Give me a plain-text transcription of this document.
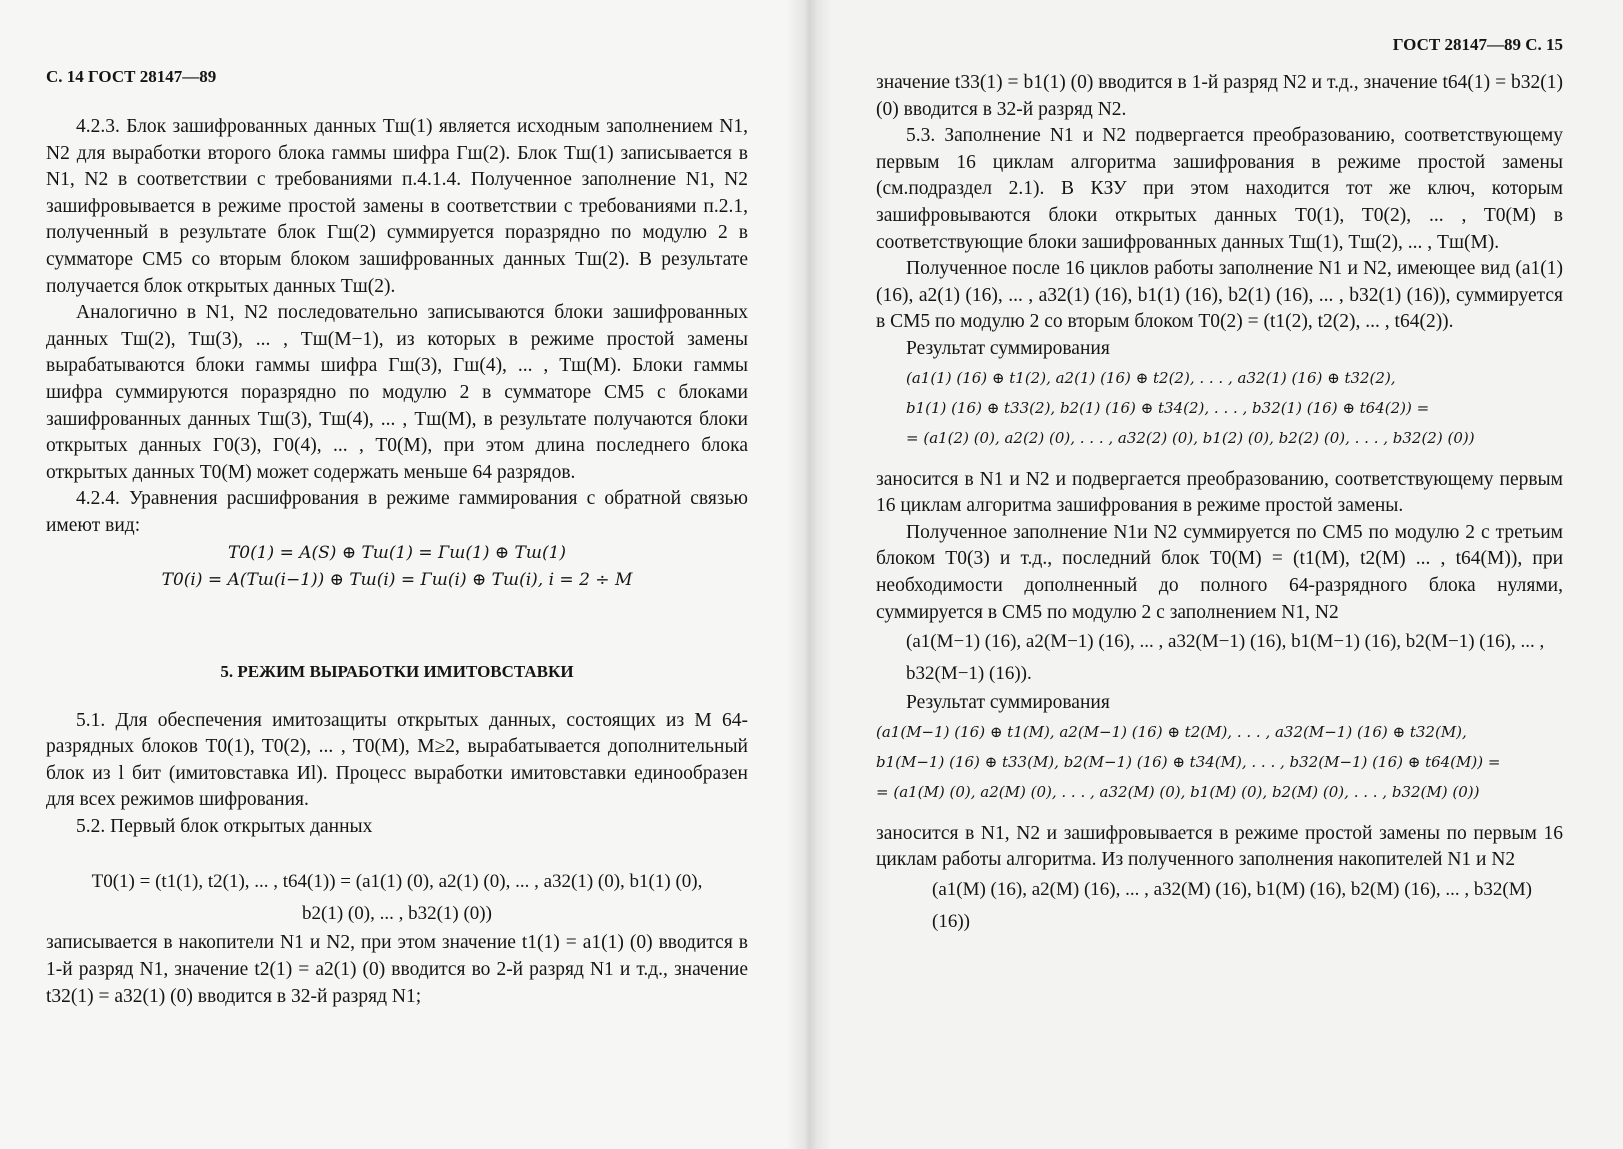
С. 14 ГОСТ 28147—89

4.2.3. Блок зашифрованных данных Tш(1) является исходным заполнением N1, N2 для выработки второго блока гаммы шифра Гш(2). Блок Tш(1) записывается в N1, N2 в соответствии с требованиями п.4.1.4. Полученное заполнение N1, N2 зашифровывается в режиме простой замены в соответствии с требованиями п.2.1, полученный в результате блок Гш(2) суммируется поразрядно по модулю 2 в сумматоре CM5 со вторым блоком зашифрованных данных Tш(2). В результате получается блок открытых данных Tш(2).

Аналогично в N1, N2 последовательно записываются блоки зашифрованных данных Tш(2), Tш(3), ... , Tш(М−1), из которых в режиме простой замены вырабатываются блоки гаммы шифра Гш(3), Гш(4), ... , Tш(М). Блоки гаммы шифра суммируются поразрядно по модулю 2 в сумматоре CM5 с блоками зашифрованных данных Tш(3), Tш(4), ... , Tш(М), в результате получаются блоки открытых данных Г0(3), Г0(4), ... , T0(М), при этом длина последнего блока открытых данных T0(М) может содержать меньше 64 разрядов.

4.2.4. Уравнения расшифрования в режиме гаммирования с обратной связью имеют вид:

T0(1) = A(S) ⊕ Tш(1) = Гш(1) ⊕ Tш(1)
T0(i) = A(Tш(i−1)) ⊕ Tш(i) = Гш(i) ⊕ Tш(i), i = 2 ÷ M
5. РЕЖИМ ВЫРАБОТКИ ИМИТОВСТАВКИ

5.1. Для обеспечения имитозащиты открытых данных, состоящих из M 64-разрядных блоков T0(1), T0(2), ... , T0(М), M≥2, вырабатывается дополнительный блок из l бит (имитовставка Иl). Процесс выработки имитовставки единообразен для всех режимов шифрования.

5.2. Первый блок открытых данных

T0(1) = (t1(1), t2(1), ... , t64(1)) = (a1(1) (0), a2(1) (0), ... , a32(1) (0), b1(1) (0),
b2(1) (0), ... , b32(1) (0))

записывается в накопители N1 и N2, при этом значение t1(1) = a1(1) (0) вводится в 1-й разряд N1, значение t2(1) = a2(1) (0) вводится во 2-й разряд N1 и т.д., значение t32(1) = a32(1) (0) вводится в 32-й разряд N1;

ГОСТ 28147—89 С. 15

значение t33(1) = b1(1) (0) вводится в 1-й разряд N2 и т.д., значение t64(1) = b32(1) (0) вводится в 32-й разряд N2.

5.3. Заполнение N1 и N2 подвергается преобразованию, соответствующему первым 16 циклам алгоритма зашифрования в режиме простой замены (см.подраздел 2.1). В КЗУ при этом находится тот же ключ, которым зашифровываются блоки открытых данных T0(1), T0(2), ... , T0(М) в соответствующие блоки зашифрованных данных Tш(1), Tш(2), ... , Tш(М).

Полученное после 16 циклов работы заполнение N1 и N2, имеющее вид (a1(1) (16), a2(1) (16), ... , a32(1) (16), b1(1) (16), b2(1) (16), ... , b32(1) (16)), суммируется в CM5 по модулю 2 со вторым блоком T0(2) = (t1(2), t2(2), ... , t64(2)).

Результат суммирования

(a1(1) (16) ⊕ t1(2), a2(1) (16) ⊕ t2(2), . . . , a32(1) (16) ⊕ t32(2),
b1(1) (16) ⊕ t33(2), b2(1) (16) ⊕ t34(2), . . . , b32(1) (16) ⊕ t64(2)) =
= (a1(2) (0), a2(2) (0), . . . , a32(2) (0), b1(2) (0), b2(2) (0), . . . , b32(2) (0))

заносится в N1 и N2 и подвергается преобразованию, соответствующему первым 16 циклам алгоритма зашифрования в режиме простой замены.

Полученное заполнение N1и N2 суммируется по CM5 по модулю 2 с третьим блоком T0(3) и т.д., последний блок T0(М) = (t1(М), t2(М) ... , t64(М)), при необходимости дополненный до полного 64-разрядного блока нулями, суммируется в CM5 по модулю 2 с заполнением N1, N2

(a1(М−1) (16), a2(М−1) (16), ... , a32(М−1) (16), b1(М−1) (16), b2(М−1) (16), ... , b32(М−1) (16)).

Результат суммирования

(a1(М−1) (16) ⊕ t1(М), a2(М−1) (16) ⊕ t2(М), . . . , a32(М−1) (16) ⊕ t32(М),
b1(М−1) (16) ⊕ t33(М), b2(М−1) (16) ⊕ t34(М), . . . , b32(М−1) (16) ⊕ t64(М)) =
= (a1(М) (0), a2(М) (0), . . . , a32(М) (0), b1(М) (0), b2(М) (0), . . . , b32(М) (0))

заносится в N1, N2 и зашифровывается в режиме простой замены по первым 16 циклам работы алгоритма. Из полученного заполнения накопителей N1 и N2

(a1(М) (16), a2(М) (16), ... , a32(М) (16), b1(М) (16), b2(М) (16), ... , b32(М) (16))
